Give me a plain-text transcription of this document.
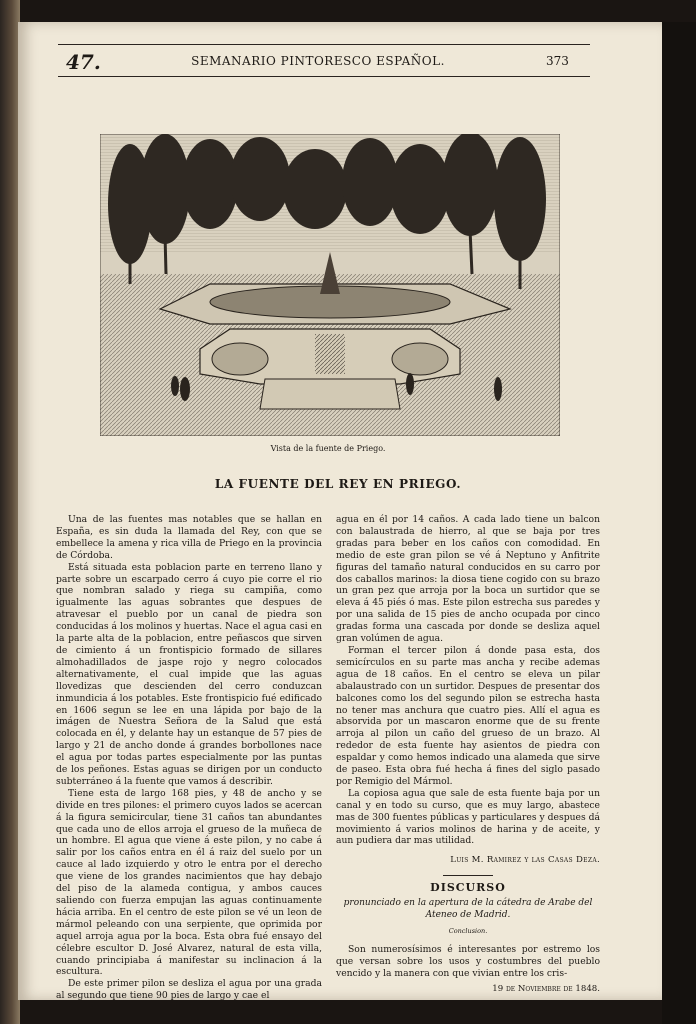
47.	SEMANARIO PINTORESCO ESPAÑOL.	373
Vista de la fuente de Priego.
LA FUENTE DEL REY EN PRIEGO.

Una de las fuentes mas notables que se hallan en España, es sin duda la llamada del Rey, con que se embellece la amena y rica villa de Priego en la provincia de Córdoba.

Está situada esta poblacion parte en terreno llano y parte sobre un escarpado cerro á cuyo pie corre el rio que nombran salado y riega su campiña, como igualmente las aguas sobrantes que despues de atravesar el pueblo por un canal de piedra son conducidas á los molinos y huertas. Nace el agua casi en la parte alta de la poblacion, entre peñascos que sirven de cimiento á un frontispicio formado de sillares almohadillados de jaspe rojo y negro colocados alternativamente, el cual impide que las aguas llovedizas que descienden del cerro conduzcan inmundicia á los potables. Este frontispicio fué edificado en 1606 segun se lee en una lápida por bajo de la imágen de Nuestra Señora de la Salud que está colocada en él, y delante hay un estanque de 57 pies de largo y 21 de ancho donde á grandes borbollones nace el agua por todas partes especialmente por las puntas de los peñones. Estas aguas se dirigen por un conducto subterráneo á la fuente que vamos á describir.

Tiene esta de largo 168 pies, y 48 de ancho y se divide en tres pilones: el primero cuyos lados se acercan á la figura semicircular, tiene 31 caños tan abundantes que cada uno de ellos arroja el grueso de la muñeca de un hombre. El agua que viene á este pilon, y no cabe á salir por los caños entra en él á raiz del suelo por un cauce al lado izquierdo y otro le entra por el derecho que viene de los grandes nacimientos que hay debajo del piso de la alameda contigua, y ambos cauces saliendo con fuerza empujan las aguas continuamente hácia arriba. En el centro de este pilon se vé un leon de mármol peleando con una serpiente, que oprimida por aquel arroja agua por la boca. Esta obra fué ensayo del célebre escultor D. José Alvarez, natural de esta villa, cuando principiaba á manifestar su inclinacion á la escultura.

De este primer pilon se desliza el agua por una grada al segundo que tiene 90 pies de largo y cae el

agua en él por 14 caños. A cada lado tiene un balcon con balaustrada de hierro, al que se baja por tres gradas para beber en los caños con comodidad. En medio de este gran pilon se vé á Neptuno y Anfitrite figuras del tamaño natural conducidos en su carro por dos caballos marinos: la diosa tiene cogido con su brazo un gran pez que arroja por la boca un surtidor que se eleva á 45 piés ó mas. Este pilon estrecha sus paredes y por una salida de 15 pies de ancho ocupada por cinco gradas forma una cascada por donde se desliza aquel gran volúmen de agua.

Forman el tercer pilon á donde pasa esta, dos semicírculos en su parte mas ancha y recibe ademas agua de 18 caños. En el centro se eleva un pilar abalaustrado con un surtidor. Despues de presentar dos balcones como los del segundo pilon se estrecha hasta no tener mas anchura que cuatro pies. Allí el agua es absorvida por un mascaron enorme que de su frente arroja al pilon un caño del grueso de un brazo. Al rededor de esta fuente hay asientos de piedra con espaldar y como hemos indicado una alameda que sirve de paseo. Esta obra fué hecha á fines del siglo pasado por Remigio del Mármol.

La copiosa agua que sale de esta fuente baja por un canal y en todo su curso, que es muy largo, abastece mas de 300 fuentes públicas y particulares y despues dá movimiento á varios molinos de harina y de aceite, y aun pudiera dar mas utilidad.

Luis M. Ramirez y las Casas Deza.
DISCURSO
pronunciado en la apertura de la cátedra de Arabe del Ateneo de Madrid.
Conclusion.

Son numerosísimos é interesantes por estremo los que versan sobre los usos y costumbres del pueblo vencido y la manera con que vivian entre los cris-

19 de Noviembre de 1848.
